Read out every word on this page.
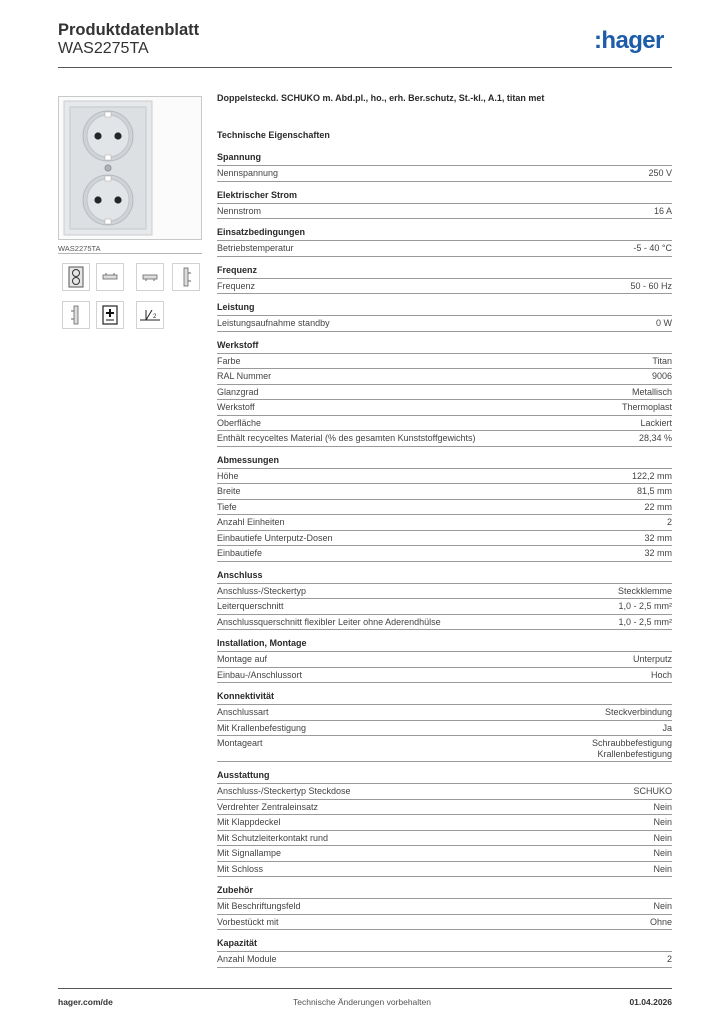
Produktdatenblatt
WAS2275TA	:hager
WAS2275TA
2
Doppelsteckd. SCHUKO m. Abd.pl., ho., erh. Ber.schutz, St.-kl., A.1, titan met
Technische Eigenschaften
Spannung
Nennspannung	250 V
Elektrischer Strom
Nennstrom	16 A
Einsatzbedingungen
Betriebstemperatur	-5 - 40 °C
Frequenz
Frequenz	50 - 60 Hz
Leistung
Leistungsaufnahme standby	0 W
Werkstoff
Farbe	Titan
RAL Nummer	9006
Glanzgrad	Metallisch
Werkstoff	Thermoplast
Oberfläche	Lackiert
Enthält recyceltes Material (% des gesamten Kunststoffgewichts)	28,34 %
Abmessungen
Höhe	122,2 mm
Breite	81,5 mm
Tiefe	22 mm
Anzahl Einheiten	2
Einbautiefe Unterputz-Dosen	32 mm
Einbautiefe	32 mm
Anschluss
Anschluss-/Steckertyp	Steckklemme
Leiterquerschnitt	1,0 - 2,5 mm²
Anschlussquerschnitt flexibler Leiter ohne Aderendhülse	1,0 - 2,5 mm²
Installation, Montage
Montage auf	Unterputz
Einbau-/Anschlussort	Hoch
Konnektivität
Anschlussart	Steckverbindung
Mit Krallenbefestigung	Ja
Montageart	Schraubbefestigung
Krallenbefestigung
Ausstattung
Anschluss-/Steckertyp Steckdose	SCHUKO
Verdrehter Zentraleinsatz	Nein
Mit Klappdeckel	Nein
Mit Schutzleiterkontakt rund	Nein
Mit Signallampe	Nein
Mit Schloss	Nein
Zubehör
Mit Beschriftungsfeld	Nein
Vorbestückt mit	Ohne
Kapazität
Anzahl Module	2
hager.com/de	Technische Änderungen vorbehalten	01.04.2026
